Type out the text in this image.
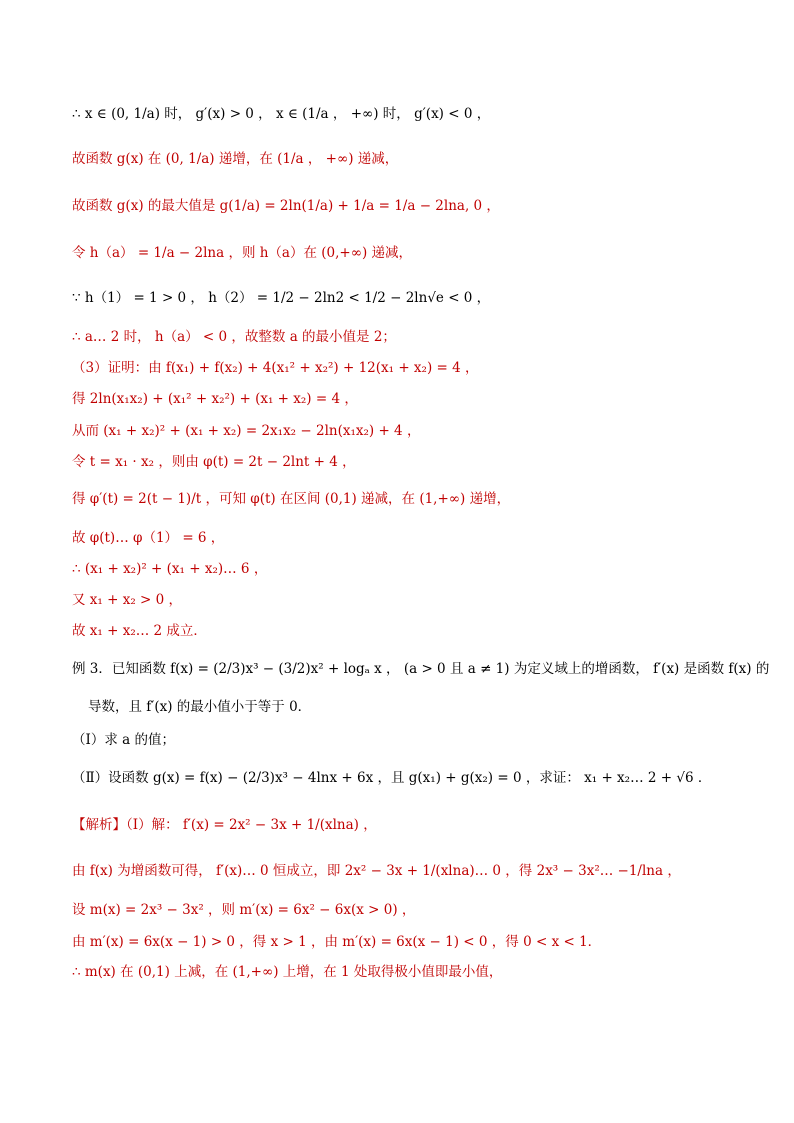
∴ x ∈ (0, 1/a) 时， g′(x) > 0 ， x ∈ (1/a ， +∞) 时， g′(x) < 0 ，
故函数 g(x) 在 (0, 1/a) 递增，在 (1/a ， +∞) 递减，
故函数 g(x) 的最大值是 g(1/a) = 2ln(1/a) + 1/a = 1/a − 2lna, 0 ，
令 h（a） = 1/a − 2lna ，则 h（a）在 (0,+∞) 递减，
∵ h（1） = 1 > 0 ， h（2） = 1/2 − 2ln2 < 1/2 − 2ln√e < 0 ，
∴ a… 2 时， h（a） < 0 ，故整数 a 的最小值是 2；
（3）证明：由 f(x₁) + f(x₂) + 4(x₁² + x₂²) + 12(x₁ + x₂) = 4 ，
得 2ln(x₁x₂) + (x₁² + x₂²) + (x₁ + x₂) = 4 ，
从而 (x₁ + x₂)² + (x₁ + x₂) = 2x₁x₂ − 2ln(x₁x₂) + 4 ，
令 t = x₁ · x₂ ，则由 φ(t) = 2t − 2lnt + 4 ，
得 φ′(t) = 2(t − 1)/t ，可知 φ(t) 在区间 (0,1) 递减，在 (1,+∞) 递增，
故 φ(t)… φ（1） = 6 ，
∴ (x₁ + x₂)² + (x₁ + x₂)… 6 ，
又 x₁ + x₂ > 0 ，
故 x₁ + x₂… 2 成立．
例 3．已知函数 f(x) = (2/3)x³ − (3/2)x² + logₐ x ， (a > 0 且 a ≠ 1) 为定义域上的增函数， f′(x) 是函数 f(x) 的
导数，且 f′(x) 的最小值小于等于 0．
（Ⅰ）求 a 的值；
（Ⅱ）设函数 g(x) = f(x) − (2/3)x³ − 4lnx + 6x ，且 g(x₁) + g(x₂) = 0 ，求证： x₁ + x₂… 2 + √6 ．
【解析】（Ⅰ）解： f′(x) = 2x² − 3x + 1/(xlna) ，
由 f(x) 为增函数可得， f′(x)… 0 恒成立，即 2x² − 3x + 1/(xlna)… 0 ，得 2x³ − 3x²… −1/lna ，
设 m(x) = 2x³ − 3x² ，则 m′(x) = 6x² − 6x(x > 0) ，
由 m′(x) = 6x(x − 1) > 0 ，得 x > 1 ，由 m′(x) = 6x(x − 1) < 0 ，得 0 < x < 1．
∴ m(x) 在 (0,1) 上减，在 (1,+∞) 上增，在 1 处取得极小值即最小值，
